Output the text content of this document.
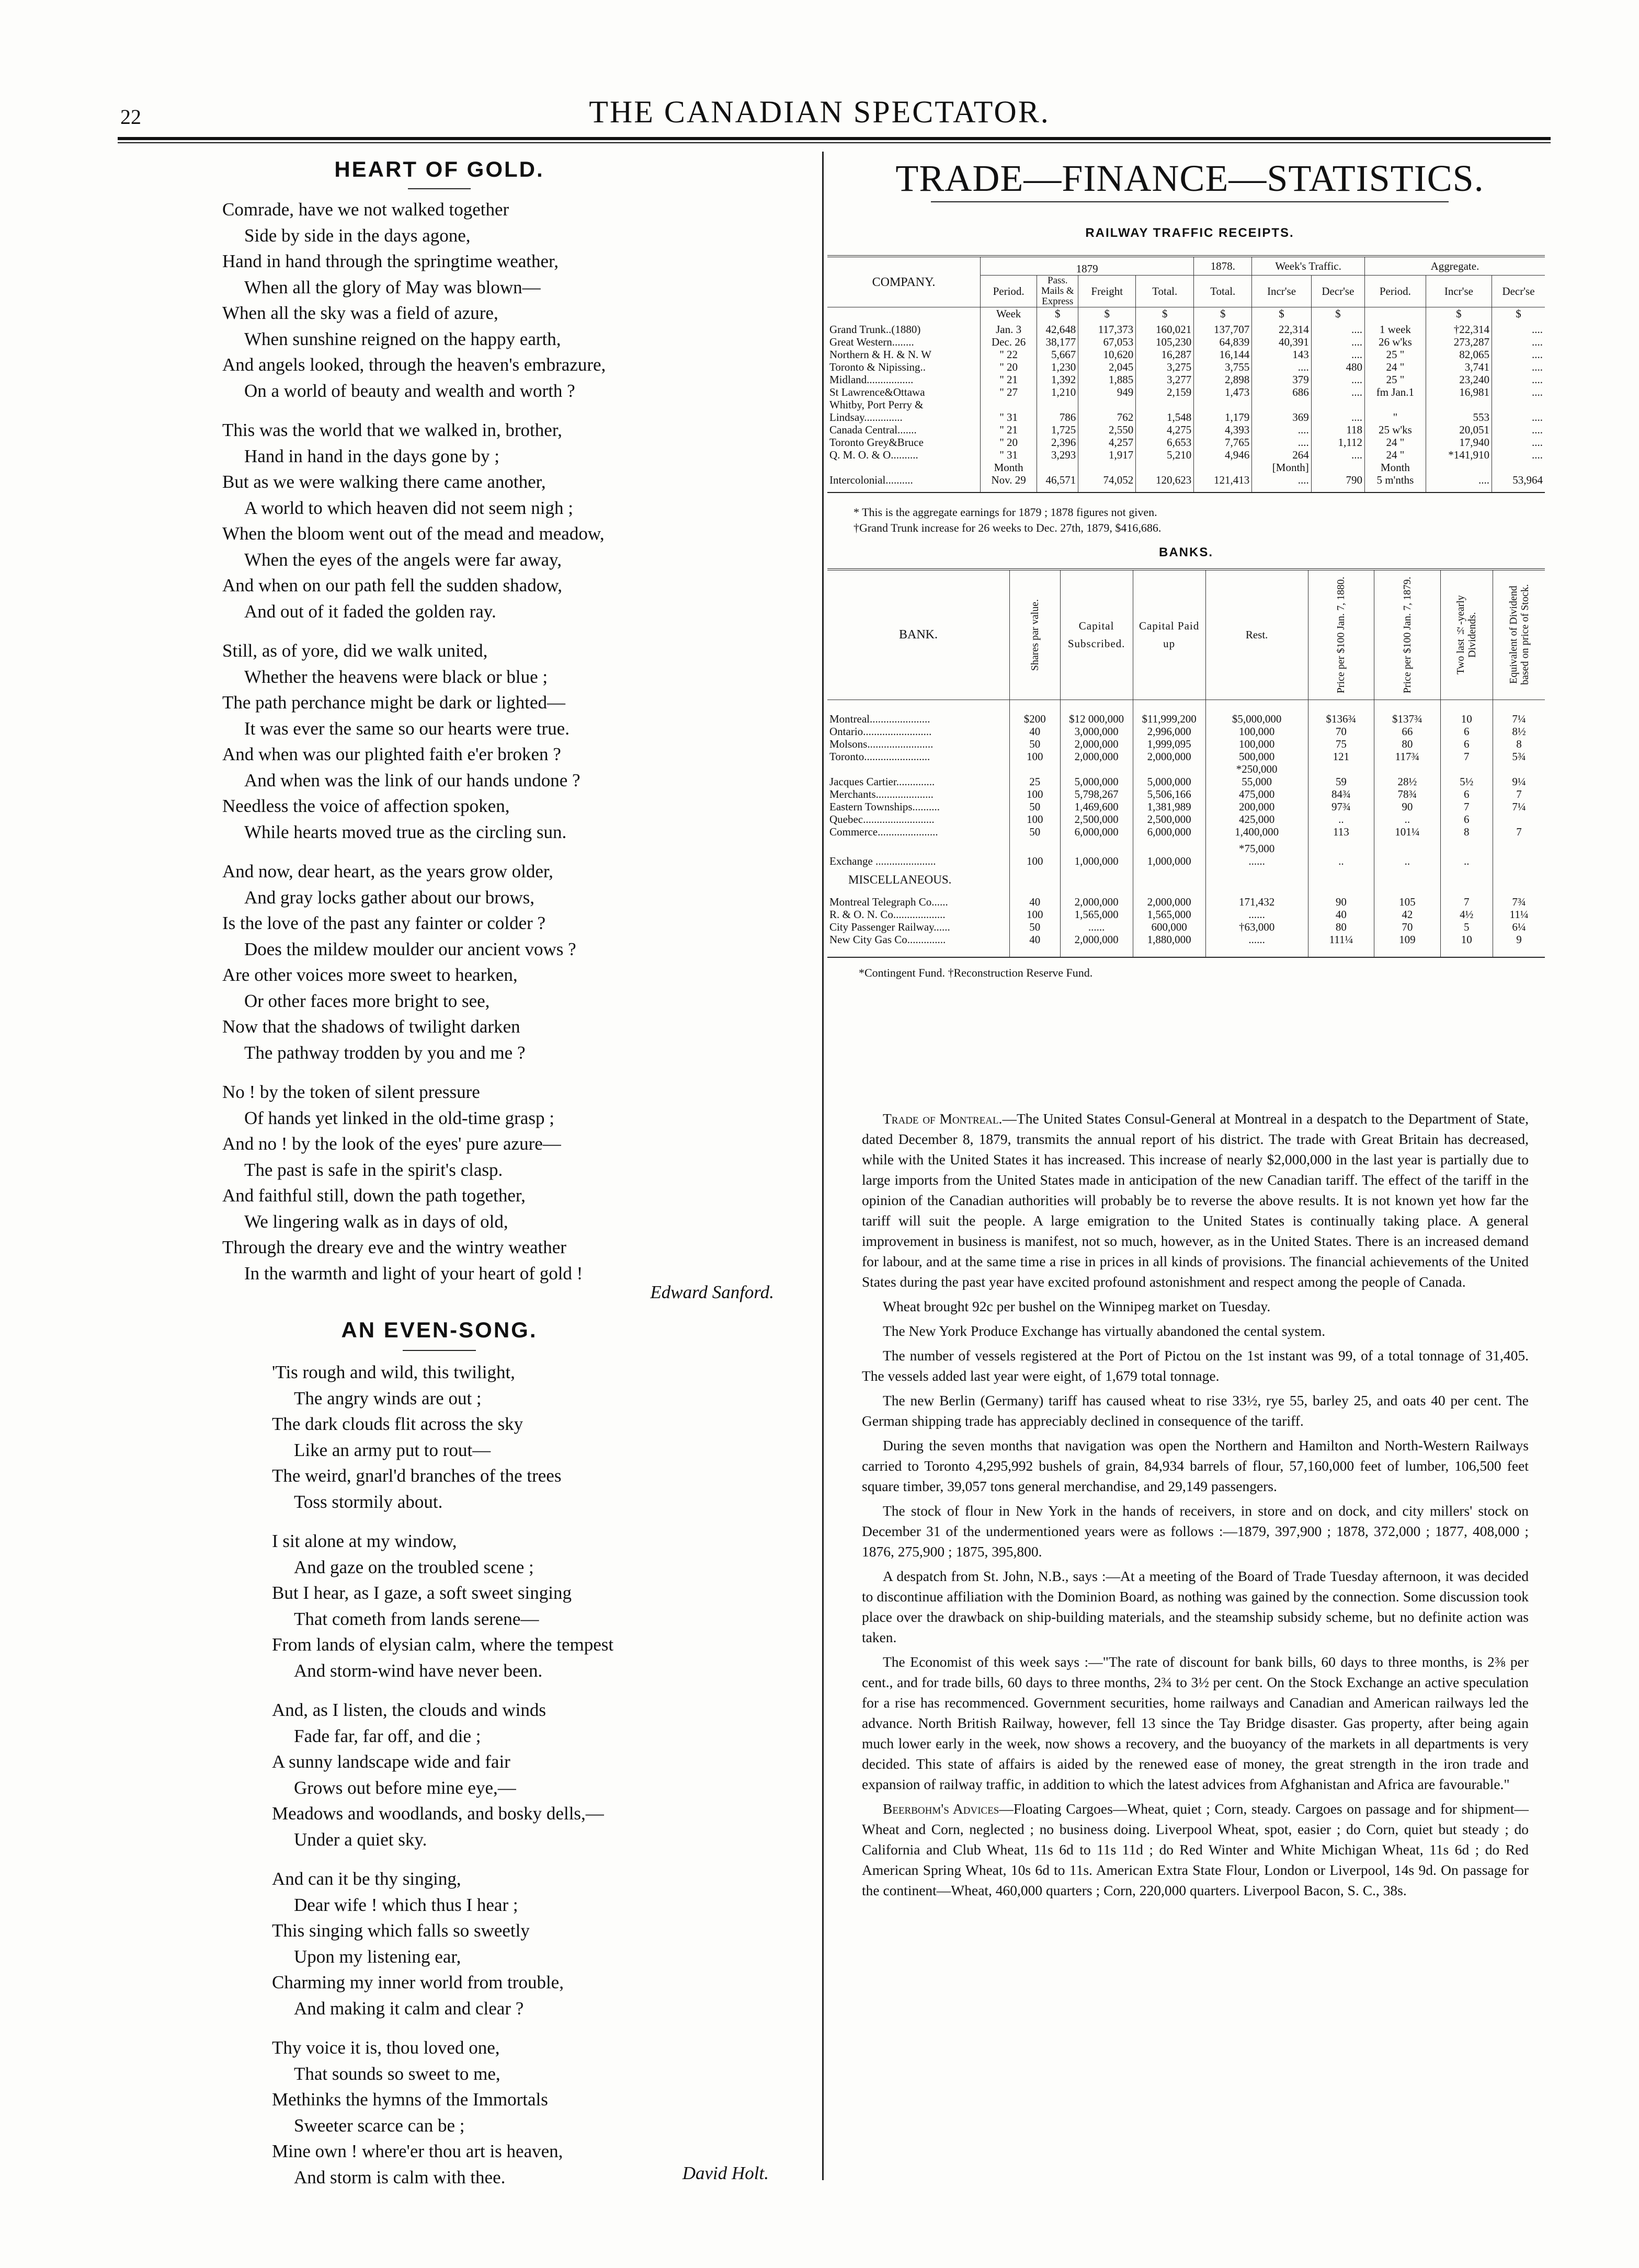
22	THE CANADIAN SPECTATOR.
HEART OF GOLD.
Comrade, have we not walked together
Side by side in the days agone,
Hand in hand through the springtime weather,
When all the glory of May was blown—
When all the sky was a field of azure,
When sunshine reigned on the happy earth,
And angels looked, through the heaven's embrazure,
On a world of beauty and wealth and worth ?
This was the world that we walked in, brother,
Hand in hand in the days gone by ;
But as we were walking there came another,
A world to which heaven did not seem nigh ;
When the bloom went out of the mead and meadow,
When the eyes of the angels were far away,
And when on our path fell the sudden shadow,
And out of it faded the golden ray.
Still, as of yore, did we walk united,
Whether the heavens were black or blue ;
The path perchance might be dark or lighted—
It was ever the same so our hearts were true.
And when was our plighted faith e'er broken ?
And when was the link of our hands undone ?
Needless the voice of affection spoken,
While hearts moved true as the circling sun.
And now, dear heart, as the years grow older,
And gray locks gather about our brows,
Is the love of the past any fainter or colder ?
Does the mildew moulder our ancient vows ?
Are other voices more sweet to hearken,
Or other faces more bright to see,
Now that the shadows of twilight darken
The pathway trodden by you and me ?
No ! by the token of silent pressure
Of hands yet linked in the old-time grasp ;
And no ! by the look of the eyes' pure azure—
The past is safe in the spirit's clasp.
And faithful still, down the path together,
We lingering walk as in days of old,
Through the dreary eve and the wintry weather
In the warmth and light of your heart of gold !
Edward Sanford.
AN EVEN-SONG.
'Tis rough and wild, this twilight,
The angry winds are out ;
The dark clouds flit across the sky
Like an army put to rout—
The weird, gnarl'd branches of the trees
Toss stormily about.
I sit alone at my window,
And gaze on the troubled scene ;
But I hear, as I gaze, a soft sweet singing
That cometh from lands serene—
From lands of elysian calm, where the tempest
And storm-wind have never been.
And, as I listen, the clouds and winds
Fade far, far off, and die ;
A sunny landscape wide and fair
Grows out before mine eye,—
Meadows and woodlands, and bosky dells,—
Under a quiet sky.
And can it be thy singing,
Dear wife ! which thus I hear ;
This singing which falls so sweetly
Upon my listening ear,
Charming my inner world from trouble,
And making it calm and clear ?
Thy voice it is, thou loved one,
That sounds so sweet to me,
Methinks the hymns of the Immortals
Sweeter scarce can be ;
Mine own ! where'er thou art is heaven,
And storm is calm with thee.	David Holt.
TRADE—FINANCE—STATISTICS.
RAILWAY TRAFFIC RECEIPTS.
COMPANY.	1879				1878.	Week's Traffic.		Aggregate.		
	Period.	Pass. Mails & Express	Freight	Total.	Total.	Incr'se	Decr'se	Period.	Incr'se	Decr'se
	Week	$	$	$	$	$	$		$	$
Grand Trunk..(1880)	Jan. 3	42,648	117,373	160,021	137,707	22,314	....	1 week	†22,314	....
Great Western........	Dec. 26	38,177	67,053	105,230	64,839	40,391	....	26 w'ks	273,287	....
Northern & H. & N. W	" 22	5,667	10,620	16,287	16,144	143	....	25 "	82,065	....
Toronto & Nipissing..	" 20	1,230	2,045	3,275	3,755	....	480	24 "	3,741	....
Midland.................	" 21	1,392	1,885	3,277	2,898	379	....	25 "	23,240	....
St Lawrence&Ottawa	" 27	1,210	949	2,159	1,473	686	....	fm Jan.1	16,981	....
Whitby, Port Perry &										
Lindsay..............	" 31	786	762	1,548	1,179	369	....	"	553	....
Canada Central.......	" 21	1,725	2,550	4,275	4,393	....	118	25 w'ks	20,051	....
Toronto Grey&Bruce	" 20	2,396	4,257	6,653	7,765	....	1,112	24 "	17,940	....
Q. M. O. & O..........	" 31	3,293	1,917	5,210	4,946	264	....	24 "	*141,910	....
	Month					[Month]		Month		
Intercolonial..........	Nov. 29	46,571	74,052	120,623	121,413	....	790	5 m'nths	....	53,964

* This is the aggregate earnings for 1879 ; 1878 figures not given.
†Grand Trunk increase for 26 weeks to Dec. 27th, 1879, $416,686.
BANKS.
BANK.	Shares par value.	Capital Subscribed.	Capital Paid up	Rest.	Price per $100 Jan. 7, 1880.	Price per $100 Jan. 7, 1879.	Two last ½-yearly Dividends.	Equivalent of Dividend based on price of Stock.

Montreal......................	$200	$12 000,000	$11,999,200	$5,000,000	$136¾	$137¾	10	7¼
Ontario.........................	40	3,000,000	2,996,000	100,000	70	66	6	8½
Molsons........................	50	2,000,000	1,999,095	100,000	75	80	6	8
Toronto........................	100	2,000,000	2,000,000	500,000	121	117¾	7	5¾
				*250,000				
Jacques Cartier..............	25	5,000,000	5,000,000	55,000	59	28½	5½	9¼
Merchants.....................	100	5,798,267	5,506,166	475,000	84¾	78¾	6	7
Eastern Townships..........	50	1,469,600	1,381,989	200,000	97¾	90	7	7¼
Quebec..........................	100	2,500,000	2,500,000	425,000	..	..	6	
Commerce......................	50	6,000,000	6,000,000	1,400,000	113	101¼	8	7

				*75,000				
Exchange ......................	100	1,000,000	1,000,000	......	..	..	..	
MISCELLANEOUS.								
Montreal Telegraph Co......	40	2,000,000	2,000,000	171,432	90	105	7	7¾
R. & O. N. Co...................	100	1,565,000	1,565,000	......	40	42	4½	11¼
City Passenger Railway......	50	......	600,000	†63,000	80	70	5	6¼
New City Gas Co..............	40	2,000,000	1,880,000	......	111¼	109	10	9

*Contingent Fund. †Reconstruction Reserve Fund.

Trade of Montreal.—The United States Consul-General at Montreal in a despatch to the Department of State, dated December 8, 1879, transmits the annual report of his district. The trade with Great Britain has decreased, while with the United States it has increased. This increase of nearly $2,000,000 in the last year is partially due to large imports from the United States made in anticipation of the new Canadian tariff. The effect of the tariff in the opinion of the Canadian authorities will probably be to reverse the above results. It is not known yet how far the tariff will suit the people. A large emigration to the United States is continually taking place. A general improvement in business is manifest, not so much, however, as in the United States. There is an increased demand for labour, and at the same time a rise in prices in all kinds of provisions. The financial achievements of the United States during the past year have excited profound astonishment and respect among the people of Canada.

Wheat brought 92c per bushel on the Winnipeg market on Tuesday.

The New York Produce Exchange has virtually abandoned the cental system.

The number of vessels registered at the Port of Pictou on the 1st instant was 99, of a total tonnage of 31,405. The vessels added last year were eight, of 1,679 total tonnage.

The new Berlin (Germany) tariff has caused wheat to rise 33½, rye 55, barley 25, and oats 40 per cent. The German shipping trade has appreciably declined in consequence of the tariff.

During the seven months that navigation was open the Northern and Hamilton and North-Western Railways carried to Toronto 4,295,992 bushels of grain, 84,934 barrels of flour, 57,160,000 feet of lumber, 106,500 feet square timber, 39,057 tons general merchandise, and 29,149 passengers.

The stock of flour in New York in the hands of receivers, in store and on dock, and city millers' stock on December 31 of the undermentioned years were as follows :—1879, 397,900 ; 1878, 372,000 ; 1877, 408,000 ; 1876, 275,900 ; 1875, 395,800.

A despatch from St. John, N.B., says :—At a meeting of the Board of Trade Tuesday afternoon, it was decided to discontinue affiliation with the Dominion Board, as nothing was gained by the connection. Some discussion took place over the drawback on ship-building materials, and the steamship subsidy scheme, but no definite action was taken.

The Economist of this week says :—"The rate of discount for bank bills, 60 days to three months, is 2⅜ per cent., and for trade bills, 60 days to three months, 2¾ to 3½ per cent. On the Stock Exchange an active speculation for a rise has recommenced. Government securities, home railways and Canadian and American railways led the advance. North British Railway, however, fell 13 since the Tay Bridge disaster. Gas property, after being again much lower early in the week, now shows a recovery, and the buoyancy of the markets in all departments is very decided. This state of affairs is aided by the renewed ease of money, the great strength in the iron trade and expansion of railway traffic, in addition to which the latest advices from Afghanistan and Africa are favourable."

Beerbohm's Advices—Floating Cargoes—Wheat, quiet ; Corn, steady. Cargoes on passage and for shipment—Wheat and Corn, neglected ; no business doing. Liverpool Wheat, spot, easier ; do Corn, quiet but steady ; do California and Club Wheat, 11s 6d to 11s 11d ; do Red Winter and White Michigan Wheat, 11s 6d ; do Red American Spring Wheat, 10s 6d to 11s. American Extra State Flour, London or Liverpool, 14s 9d. On passage for the continent—Wheat, 460,000 quarters ; Corn, 220,000 quarters. Liverpool Bacon, S. C., 38s.
